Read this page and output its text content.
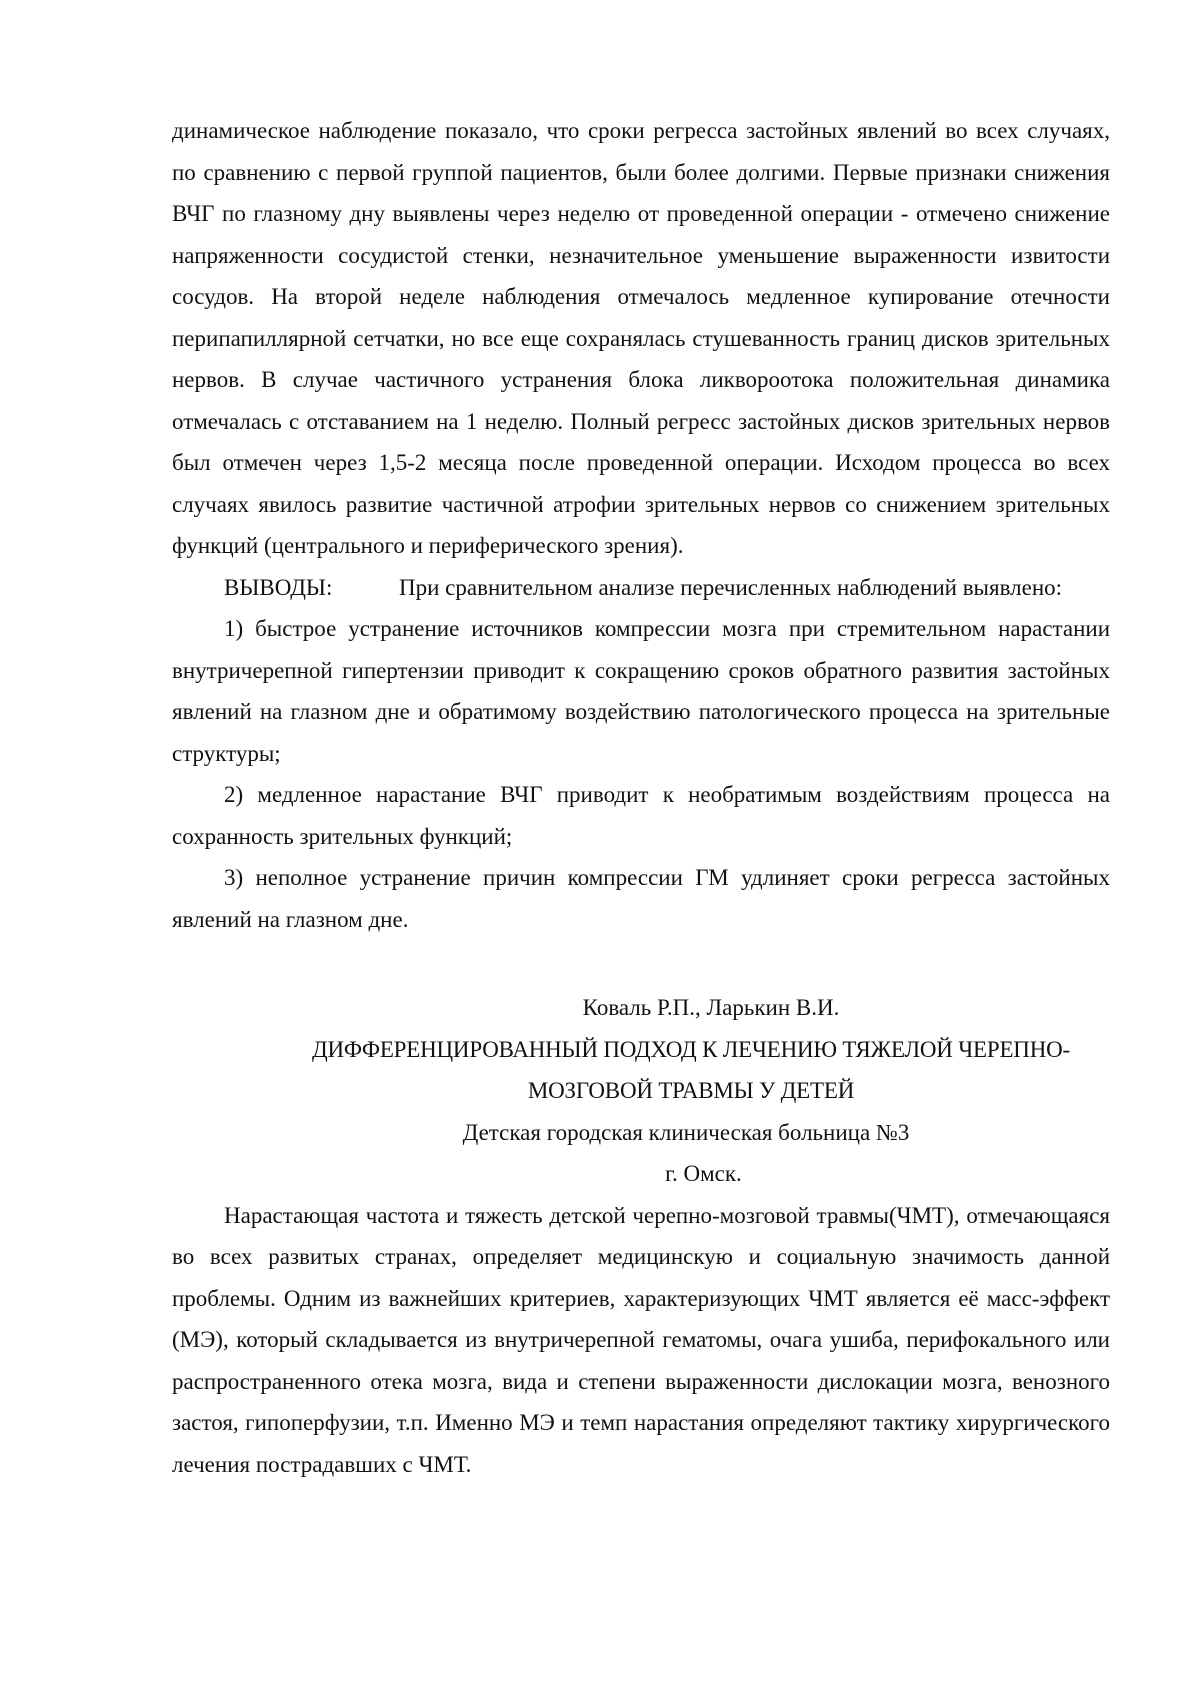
динамическое наблюдение показало, что сроки регресса застойных явлений во всех случаях, по сравнению с первой группой пациентов, были более долгими. Первые признаки снижения ВЧГ по глазному дну выявлены через неделю от проведенной операции - отмечено снижение напряженности сосудистой стенки, незначительное уменьшение выраженности извитости сосудов. На второй неделе наблюдения отмечалось медленное купирование отечности перипапиллярной сетчатки, но все еще сохранялась стушеванность границ дисков зрительных нервов. В случае частичного устранения блока ликвороотока положительная динамика отмечалась с отставанием на 1 неделю. Полный регресс застойных дисков зрительных нервов был отмечен через 1,5-2 месяца после проведенной операции. Исходом процесса во всех случаях явилось развитие частичной атрофии зрительных нервов со снижением зрительных функций (центрального и периферического зрения).

ВЫВОДЫ:	При сравнительном анализе перечисленных наблюдений выявлено:

1) быстрое устранение источников компрессии мозга при стремительном нарастании внутричерепной гипертензии приводит к сокращению сроков обратного развития застойных явлений на глазном дне и обратимому воздействию патологического процесса на зрительные структуры;

2) медленное нарастание ВЧГ приводит к необратимым воздействиям процесса на сохранность зрительных функций;

3) неполное устранение причин компрессии ГМ удлиняет сроки регресса застойных явлений на глазном дне.

Коваль Р.П., Ларькин В.И.

ДИФФЕРЕНЦИРОВАННЫЙ ПОДХОД К ЛЕЧЕНИЮ ТЯЖЕЛОЙ ЧЕРЕПНО-

МОЗГОВОЙ ТРАВМЫ У ДЕТЕЙ

Детская городская клиническая больница №3

г. Омск.

Нарастающая частота и тяжесть детской черепно-мозговой травмы(ЧМТ), отмечающаяся во всех развитых странах, определяет медицинскую и социальную значимость данной проблемы. Одним из важнейших критериев, характеризующих ЧМТ является её масс-эффект (МЭ), который складывается из внутричерепной гематомы, очага ушиба, перифокального или распространенного отека мозга, вида и степени выраженности дислокации мозга, венозного застоя, гипоперфузии, т.п. Именно МЭ и темп нарастания определяют тактику хирургического лечения пострадавших с ЧМТ.
